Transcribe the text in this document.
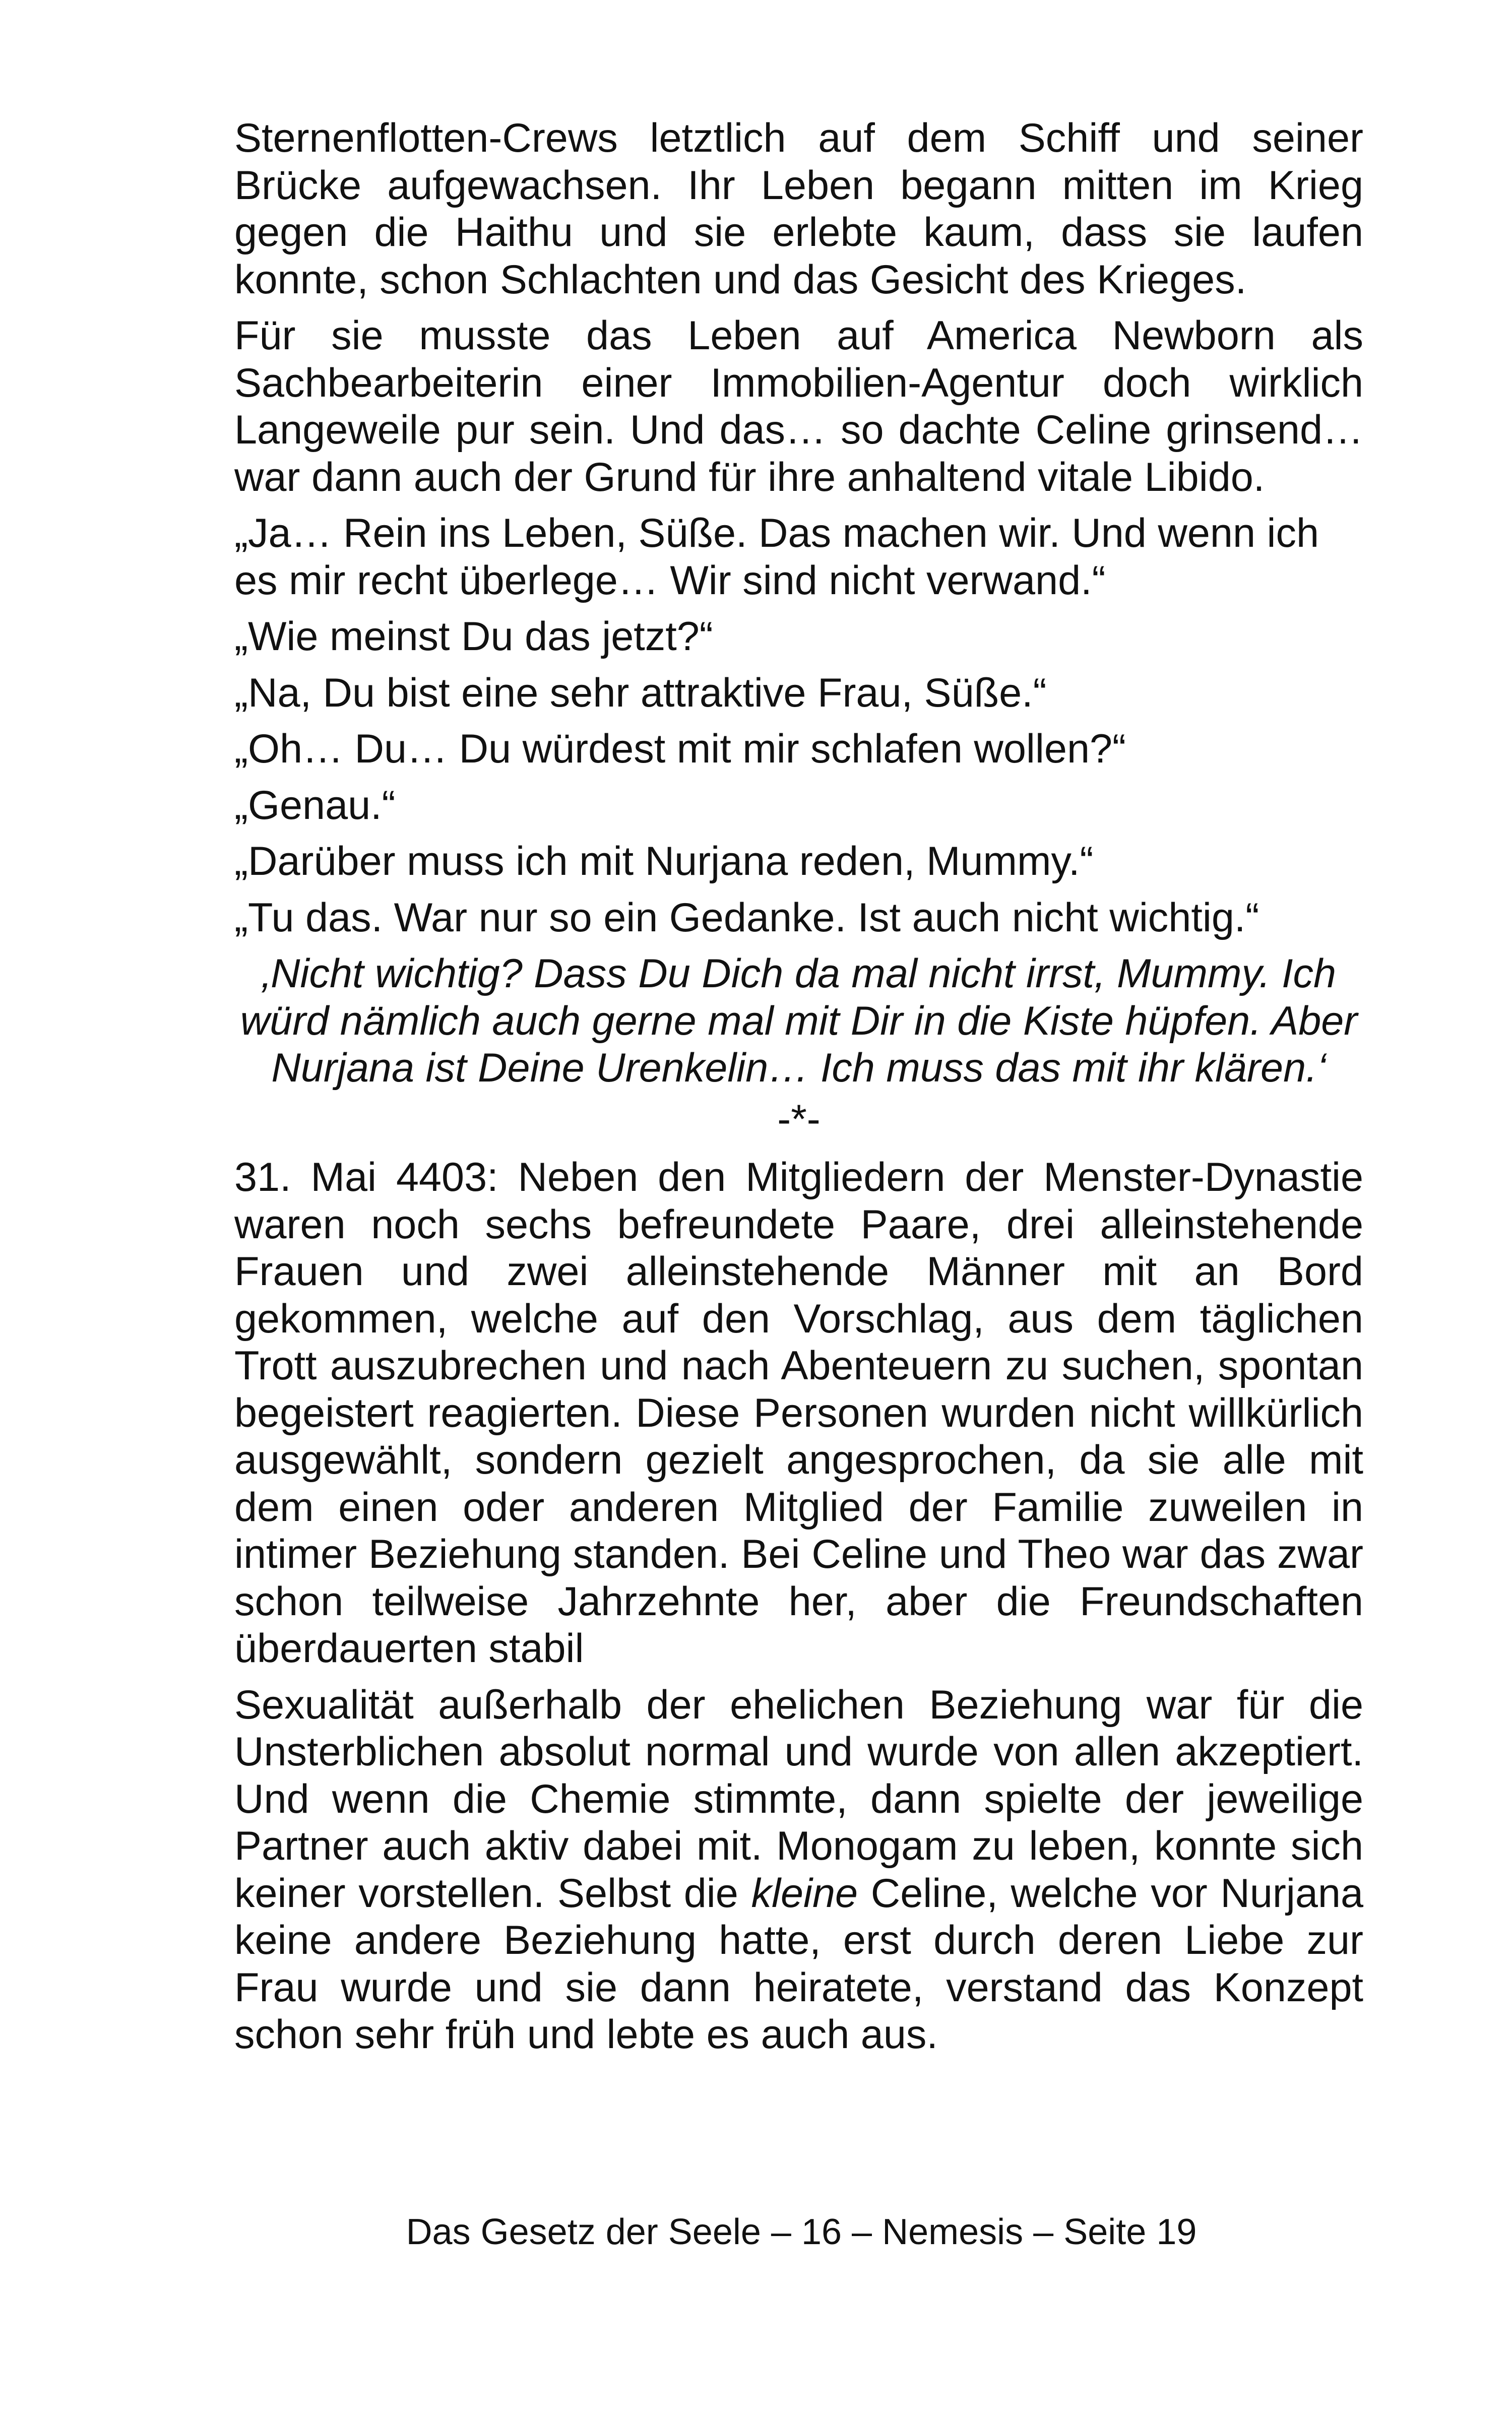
Sternenflotten-Crews letztlich auf dem Schiff und seiner Brücke aufgewachsen. Ihr Leben begann mitten im Krieg gegen die Haithu und sie erlebte kaum, dass sie laufen konnte, schon Schlachten und das Gesicht des Krieges.

Für sie musste das Leben auf America Newborn als Sachbearbeiterin einer Immobilien-Agentur doch wirklich Langeweile pur sein. Und das… so dachte Celine grinsend… war dann auch der Grund für ihre anhaltend vitale Libido.

„Ja… Rein ins Leben, Süße. Das machen wir. Und wenn ich es mir recht überlege… Wir sind nicht verwand.“

„Wie meinst Du das jetzt?“

„Na, Du bist eine sehr attraktive Frau, Süße.“

„Oh… Du… Du würdest mit mir schlafen wollen?“

„Genau.“

„Darüber muss ich mit Nurjana reden, Mummy.“

„Tu das. War nur so ein Gedanke. Ist auch nicht wichtig.“

‚Nicht wichtig? Dass Du Dich da mal nicht irrst, Mummy. Ich würd nämlich auch gerne mal mit Dir in die Kiste hüpfen. Aber Nurjana ist Deine Urenkelin… Ich muss das mit ihr klären.‘

-*-

31. Mai 4403: Neben den Mitgliedern der Menster-Dynastie waren noch sechs befreundete Paare, drei alleinstehende Frauen und zwei alleinstehende Männer mit an Bord gekommen, welche auf den Vorschlag, aus dem täglichen Trott auszubrechen und nach Abenteuern zu suchen, spontan begeistert reagierten. Diese Personen wurden nicht willkürlich ausgewählt, sondern gezielt angesprochen, da sie alle mit dem einen oder anderen Mitglied der Familie zuweilen in intimer Beziehung standen. Bei Celine und Theo war das zwar schon teilweise Jahrzehnte her, aber die Freundschaften überdauerten stabil

Sexualität außerhalb der ehelichen Beziehung war für die Unsterblichen absolut normal und wurde von allen akzeptiert. Und wenn die Chemie stimmte, dann spielte der jeweilige Partner auch aktiv dabei mit. Monogam zu leben, konnte sich keiner vorstellen. Selbst die kleine Celine, welche vor Nurjana keine andere Beziehung hatte, erst durch deren Liebe zur Frau wurde und sie dann heiratete, verstand das Konzept schon sehr früh und lebte es auch aus.

Das Gesetz der Seele – 16 – Nemesis – Seite 19
